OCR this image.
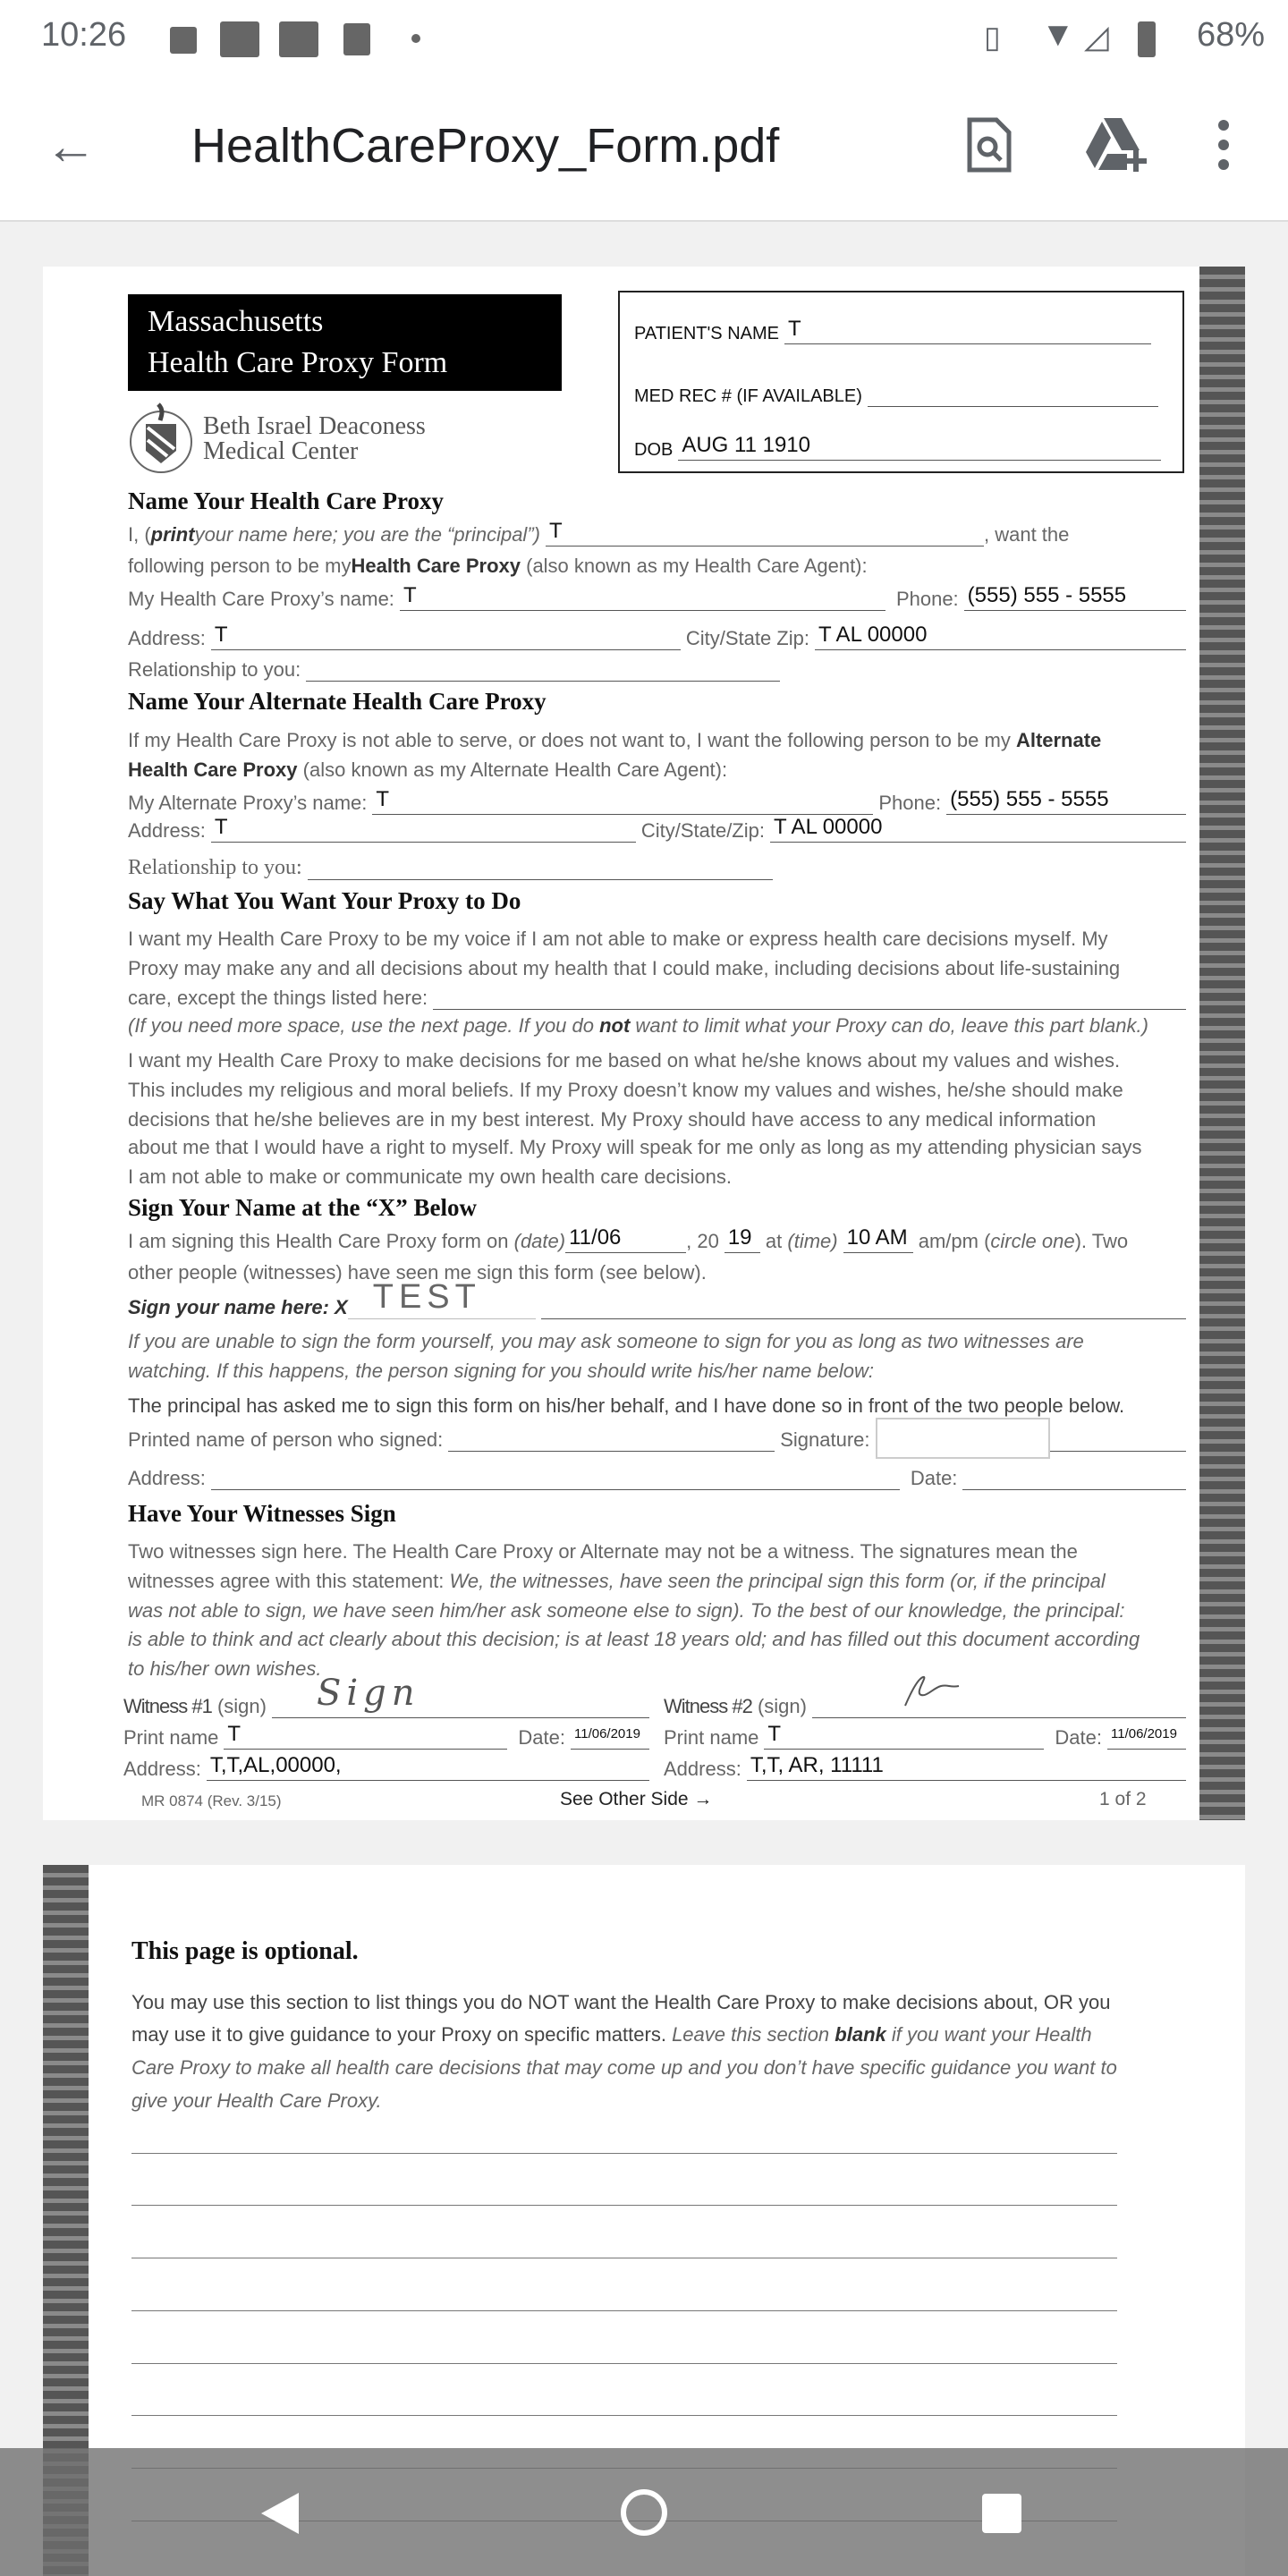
10:26	▯ ▼ ◿	68%
← HealthCareProxy_Form.pdf
Massachusetts
Health Care Proxy Form
Beth Israel Deaconess
Medical Center
PATIENT'S NAME T
MED REC # (IF AVAILABLE)
DOB AUG 11 1910
Name Your Health Care Proxy
I, ( print your name here; you are the “principal”) T	, want the
following person to be my Health Care Proxy (also known as my Health Care Agent):
My Health Care Proxy’s name: T	Phone: (555) 555 - 5555
Address: T	City/State Zip: T AL 00000
Relationship to you:
Name Your Alternate Health Care Proxy
If my Health Care Proxy is not able to serve, or does not want to, I want the following person to be my Alternate
Health Care Proxy (also known as my Alternate Health Care Agent):
My Alternate Proxy’s name: T	Phone: (555) 555 - 5555
Address: T	City/State/Zip: T AL 00000
Relationship to you:
Say What You Want Your Proxy to Do
I want my Health Care Proxy to be my voice if I am not able to make or express health care decisions myself. My
Proxy may make any and all decisions about my health that I could make, including decisions about life-sustaining
care, except the things listed here:
(If you need more space, use the next page. If you do not want to limit what your Proxy can do, leave this part blank.)
I want my Health Care Proxy to make decisions for me based on what he/she knows about my values and wishes.
This includes my religious and moral beliefs. If my Proxy doesn’t know my values and wishes, he/she should make
decisions that he/she believes are in my best interest. My Proxy should have access to any medical information
about me that I would have a right to myself. My Proxy will speak for me only as long as my attending physician says
I am not able to make or communicate my own health care decisions.
Sign Your Name at the “X” Below
I am signing this Health Care Proxy form on (date) 11/06	, 20 19 at (time) 10 AM am/pm ( circle one ). Two
other people (witnesses) have seen me sign this form (see below).
Sign your name here: X TEST
If you are unable to sign the form yourself, you may ask someone to sign for you as long as two witnesses are
watching. If this happens, the person signing for you should write his/her name below:
The principal has asked me to sign this form on his/her behalf, and I have done so in front of the two people below.
Printed name of person who signed:	Signature:
Address:	Date:
Have Your Witnesses Sign
Two witnesses sign here. The Health Care Proxy or Alternate may not be a witness. The signatures mean the
witnesses agree with this statement: We, the witnesses, have seen the principal sign this form (or, if the principal
was not able to sign, we have seen him/her ask someone else to sign). To the best of our knowledge, the principal:
is able to think and act clearly about this decision; is at least 18 years old; and has filled out this document according
to his/her own wishes.
Witness #1 (sign) Sign	Witness #2 (sign)
Print name T	Date: 11/06/2019	Print name T	Date: 11/06/2019
Address: T,T,AL,00000,	Address: T,T, AR, 11111
MR 0874 (Rev. 3/15)	See Other Side →	1 of 2
This page is optional.
You may use this section to list things you do NOT want the Health Care Proxy to make decisions about, OR you
may use it to give guidance to your Proxy on specific matters. Leave this section blank if you want your Health
Care Proxy to make all health care decisions that may come up and you don’t have specific guidance you want to
give your Health Care Proxy.
